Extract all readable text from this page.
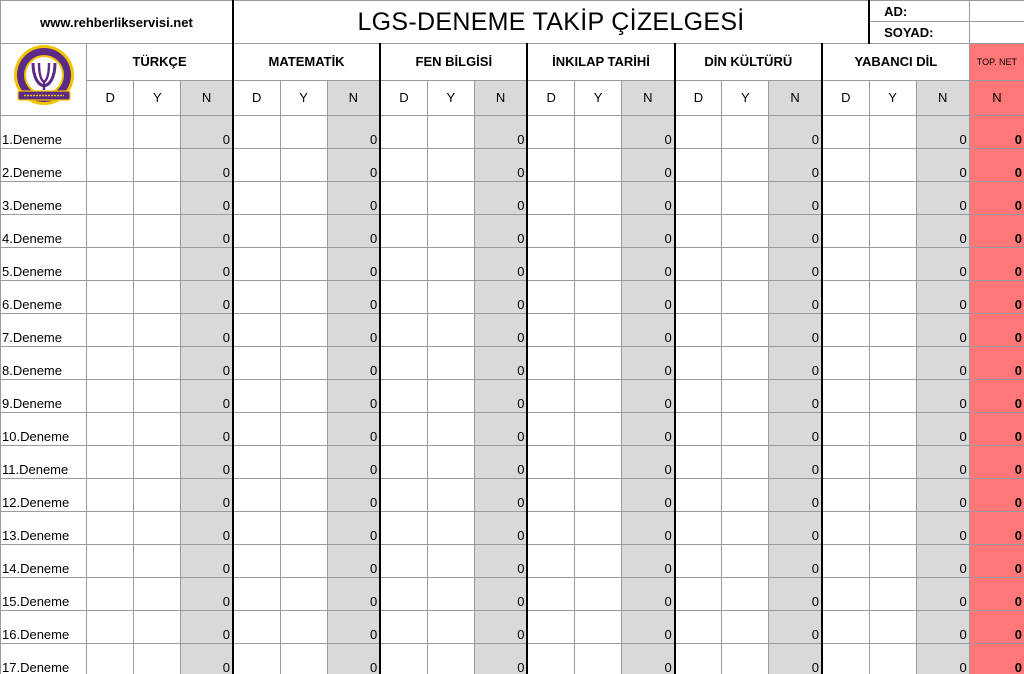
www.rehberlikservisi.net				LGS-DENEME TAKİP ÇİZELGESİ													AD:		
																	SOYAD:		
	TÜRKÇE			MATEMATİK			FEN BİLGİSİ			İNKILAP TARİHİ			DİN KÜLTÜRÜ			YABANCI DİL			TOP. NET
	D	Y	N	D	Y	N	D	Y	N	D	Y	N	D	Y	N	D	Y	N	N
1.Deneme			0			0			0			0			0			0	0
2.Deneme			0			0			0			0			0			0	0
3.Deneme			0			0			0			0			0			0	0
4.Deneme			0			0			0			0			0			0	0
5.Deneme			0			0			0			0			0			0	0
6.Deneme			0			0			0			0			0			0	0
7.Deneme			0			0			0			0			0			0	0
8.Deneme			0			0			0			0			0			0	0
9.Deneme			0			0			0			0			0			0	0
10.Deneme			0			0			0			0			0			0	0
11.Deneme			0			0			0			0			0			0	0
12.Deneme			0			0			0			0			0			0	0
13.Deneme			0			0			0			0			0			0	0
14.Deneme			0			0			0			0			0			0	0
15.Deneme			0			0			0			0			0			0	0
16.Deneme			0			0			0			0			0			0	0
17.Deneme			0			0			0			0			0			0	0
